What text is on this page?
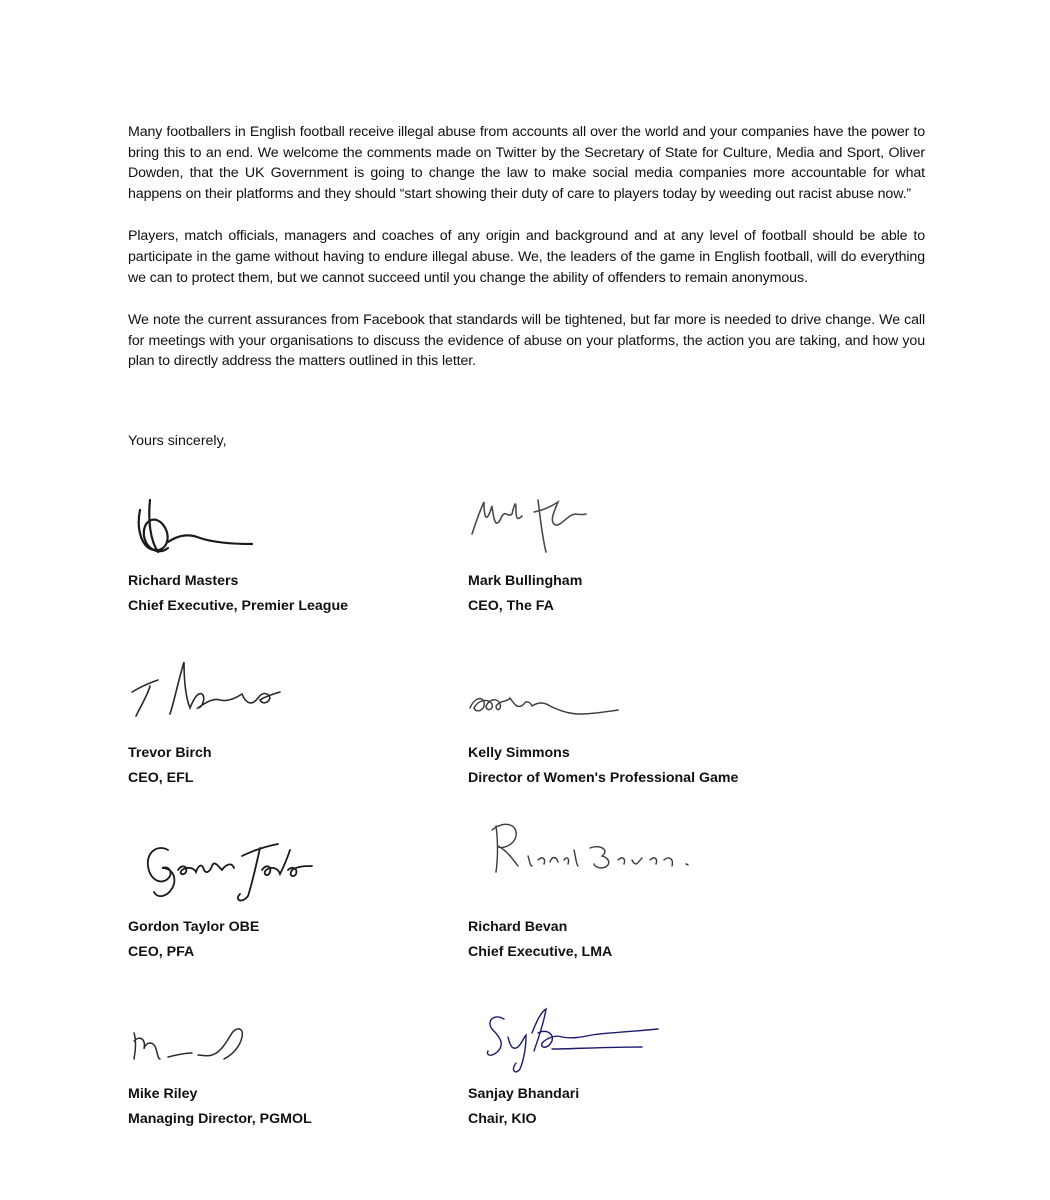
Many footballers in English football receive illegal abuse from accounts all over the world and your companies have the power to bring this to an end. We welcome the comments made on Twitter by the Secretary of State for Culture, Media and Sport, Oliver Dowden, that the UK Government is going to change the law to make social media companies more accountable for what happens on their platforms and they should “start showing their duty of care to players today by weeding out racist abuse now.”

Players, match officials, managers and coaches of any origin and background and at any level of football should be able to participate in the game without having to endure illegal abuse. We, the leaders of the game in English football, will do everything we can to protect them, but we cannot succeed until you change the ability of offenders to remain anonymous.

We note the current assurances from Facebook that standards will be tightened, but far more is needed to drive change. We call for meetings with your organisations to discuss the evidence of abuse on your platforms, the action you are taking, and how you plan to directly address the matters outlined in this letter.

Yours sincerely,
Richard Masters
Chief Executive, Premier League
Mark Bullingham
CEO, The FA
Trevor Birch
CEO, EFL
Kelly Simmons
Director of Women's Professional Game
Gordon Taylor OBE
CEO, PFA
Richard Bevan
Chief Executive, LMA
Mike Riley
Managing Director, PGMOL
Sanjay Bhandari
Chair, KIO
